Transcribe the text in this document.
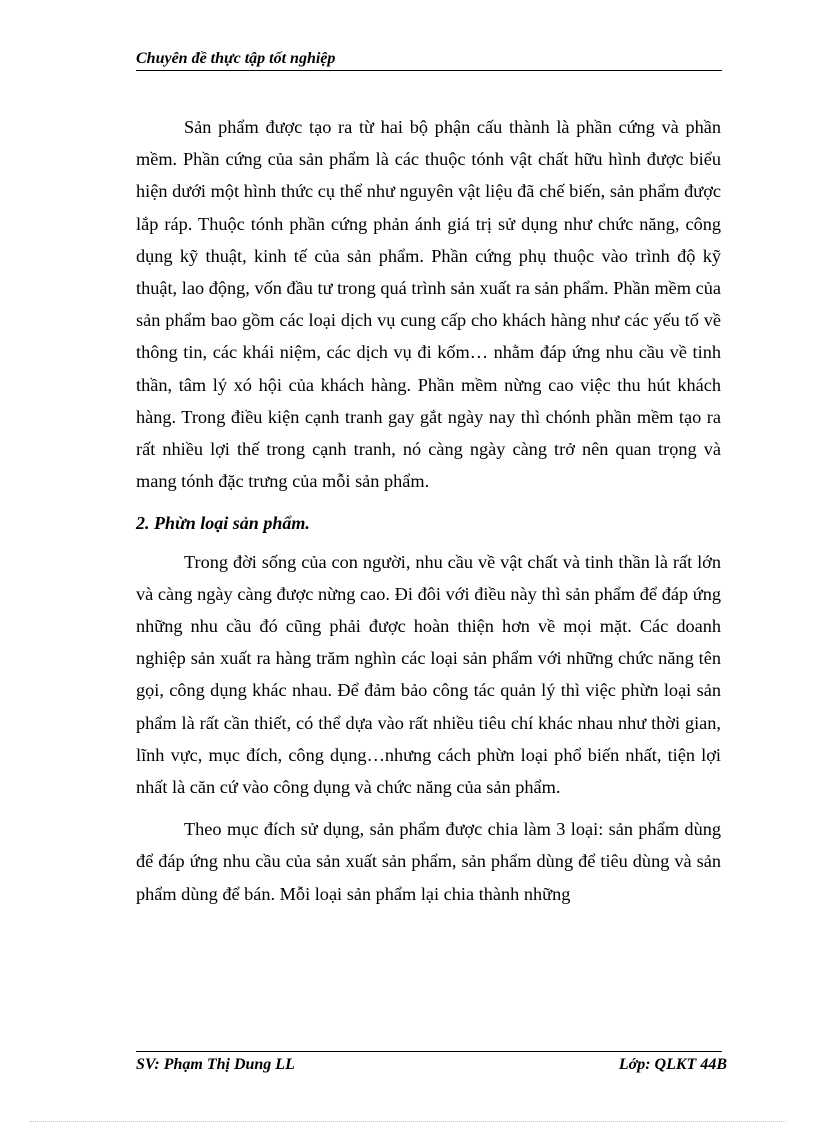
Chuyên đề thực tập tốt nghiệp

Sản phẩm được tạo ra từ hai bộ phận cấu thành là phần cứng và phần mềm. Phần cứng của sản phẩm là các thuộc tónh vật chất hữu hình được biểu hiện dưới một hình thức cụ thể như nguyên vật liệu đã chế biến, sản phẩm được lắp ráp. Thuộc tónh phần cứng phản ánh giá trị sử dụng như chức năng, công dụng kỹ thuật, kinh tế của sản phẩm. Phần cứng phụ thuộc vào trình độ kỹ thuật, lao động, vốn đầu tư trong quá trình sản xuất ra sản phẩm. Phần mềm của sản phẩm bao gồm các loại dịch vụ cung cấp cho khách hàng như các yếu tố về thông tin, các khái niệm, các dịch vụ đi kốm… nhằm đáp ứng nhu cầu về tinh thần, tâm lý xó hội của khách hàng. Phần mềm nừng cao việc thu hút khách hàng. Trong điều kiện cạnh tranh gay gắt ngày nay thì chónh phần mềm tạo ra rất nhiều lợi thế trong cạnh tranh, nó càng ngày càng trở nên quan trọng và mang tónh đặc trưng của mỗi sản phẩm.

2. Phừn loại sản phẩm.

Trong đời sống của con người, nhu cầu về vật chất và tinh thần là rất lớn và càng ngày càng được nừng cao. Đi đôi với điều này thì sản phẩm để đáp ứng những nhu cầu đó cũng phải được hoàn thiện hơn về mọi mặt. Các doanh nghiệp sản xuất ra hàng trăm nghìn các loại sản phẩm với những chức năng tên gọi, công dụng khác nhau. Để đảm bảo công tác quản lý thì việc phừn loại sản phẩm là rất cần thiết, có thể dựa vào rất nhiều tiêu chí khác nhau như thời gian, lĩnh vực, mục đích, công dụng…nhưng cách phừn loại phổ biến nhất, tiện lợi nhất là căn cứ vào công dụng và chức năng của sản phẩm.

Theo mục đích sử dụng, sản phẩm được chia làm 3 loại: sản phẩm dùng để đáp ứng nhu cầu của sản xuất sản phẩm, sản phẩm dùng để tiêu dùng và sản phẩm dùng để bán. Mỗi loại sản phẩm lại chia thành những

SV: Phạm Thị Dung LL	Lớp: QLKT 44B
